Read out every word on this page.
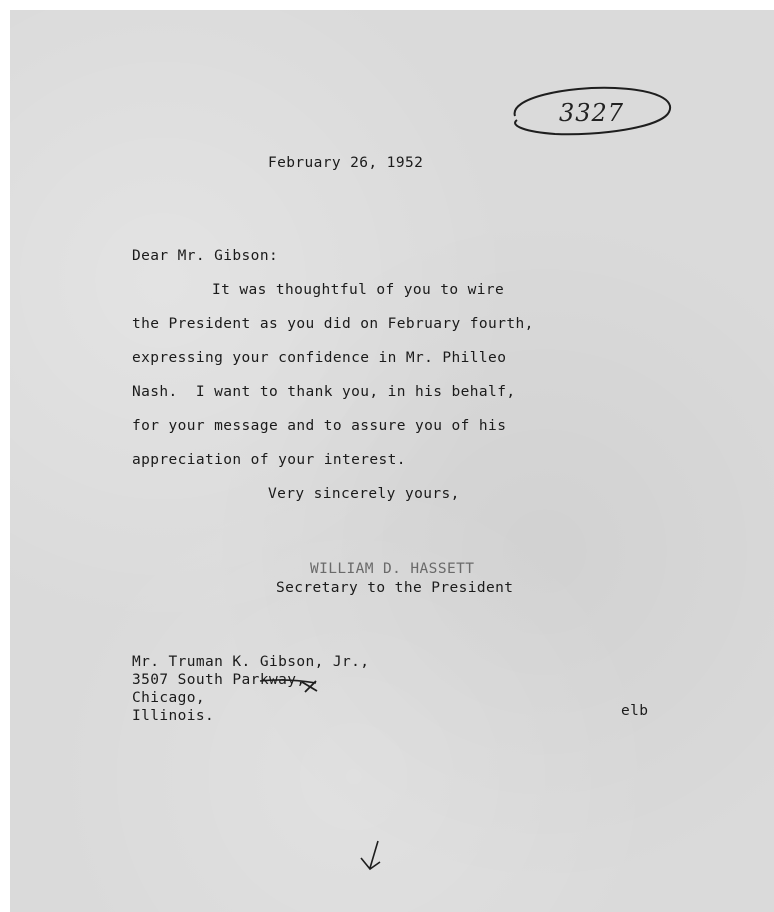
3327
February 26, 1952
Dear Mr. Gibson:
It was thoughtful of you to wire
the President as you did on February fourth,
expressing your confidence in Mr. Philleo
Nash.  I want to thank you, in his behalf,
for your message and to assure you of his
appreciation of your interest.
Very sincerely yours,
WILLIAM D. HASSETT
Secretary to the President
Mr. Truman K. Gibson, Jr.,
3507 South Parkway,
Chicago,
Illinois.	elb
